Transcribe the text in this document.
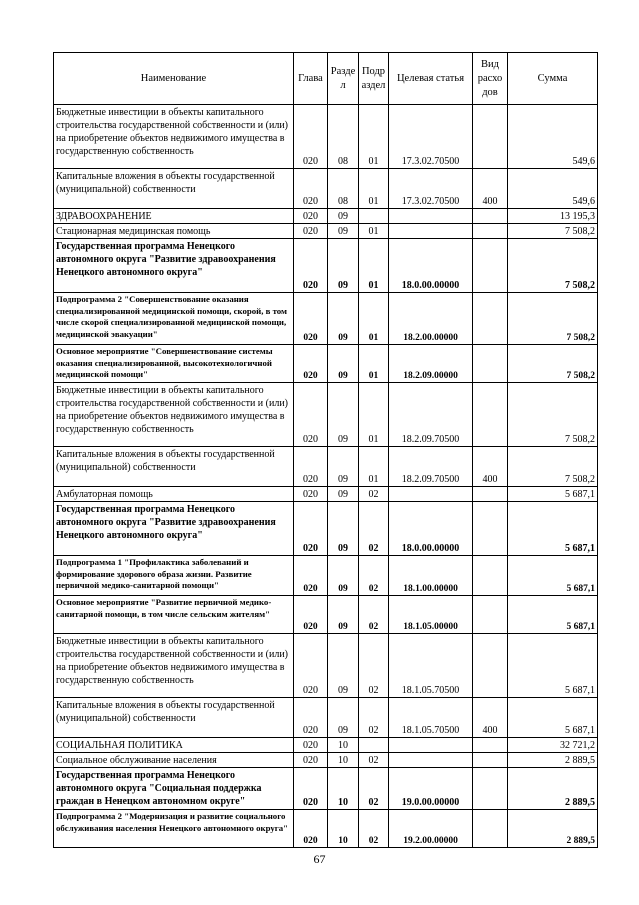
Наименование	Глава	Разде л	Подр аздел	Целевая статья	Вид расхо дов	Сумма
Бюджетные инвестиции в объекты капитального строительства государственной собственности и (или) на приобретение объектов недвижимого имущества в государственную собственность	020	08	01	17.3.02.70500		549,6
Капитальные вложения в объекты государственной (муниципальной) собственности	020	08	01	17.3.02.70500	400	549,6
ЗДРАВООХРАНЕНИЕ	020	09				13 195,3
Стационарная медицинская помощь	020	09	01			7 508,2
Государственная программа Ненецкого автономного округа "Развитие здравоохранения Ненецкого автономного округа"	020	09	01	18.0.00.00000		7 508,2
Подпрограмма 2 "Совершенствование оказания специализированной медицинской помощи, скорой, в том числе скорой специализированной медицинской помощи, медицинской эвакуации"	020	09	01	18.2.00.00000		7 508,2
Основное мероприятие "Совершенствование системы оказания специализированной, высокотехнологичной медицинской помощи"	020	09	01	18.2.09.00000		7 508,2
Бюджетные инвестиции в объекты капитального строительства государственной собственности и (или) на приобретение объектов недвижимого имущества в государственную собственность	020	09	01	18.2.09.70500		7 508,2
Капитальные вложения в объекты государственной (муниципальной) собственности	020	09	01	18.2.09.70500	400	7 508,2
Амбулаторная помощь	020	09	02			5 687,1
Государственная программа Ненецкого автономного округа "Развитие здравоохранения Ненецкого автономного округа"	020	09	02	18.0.00.00000		5 687,1
Подпрограмма 1 "Профилактика заболеваний и формирование здорового образа жизни. Развитие первичной медико-санитарной помощи"	020	09	02	18.1.00.00000		5 687,1
Основное мероприятие "Развитие первичной медико-санитарной помощи, в том числе сельским жителям"	020	09	02	18.1.05.00000		5 687,1
Бюджетные инвестиции в объекты капитального строительства государственной собственности и (или) на приобретение объектов недвижимого имущества в государственную собственность	020	09	02	18.1.05.70500		5 687,1
Капитальные вложения в объекты государственной (муниципальной) собственности	020	09	02	18.1.05.70500	400	5 687,1
СОЦИАЛЬНАЯ ПОЛИТИКА	020	10				32 721,2
Социальное обслуживание населения	020	10	02			2 889,5
Государственная программа Ненецкого автономного округа "Социальная поддержка граждан в Ненецком автономном округе"	020	10	02	19.0.00.00000		2 889,5
Подпрограмма 2 "Модернизация и развитие социального обслуживания населения Ненецкого автономного округа"	020	10	02	19.2.00.00000		2 889,5
67
